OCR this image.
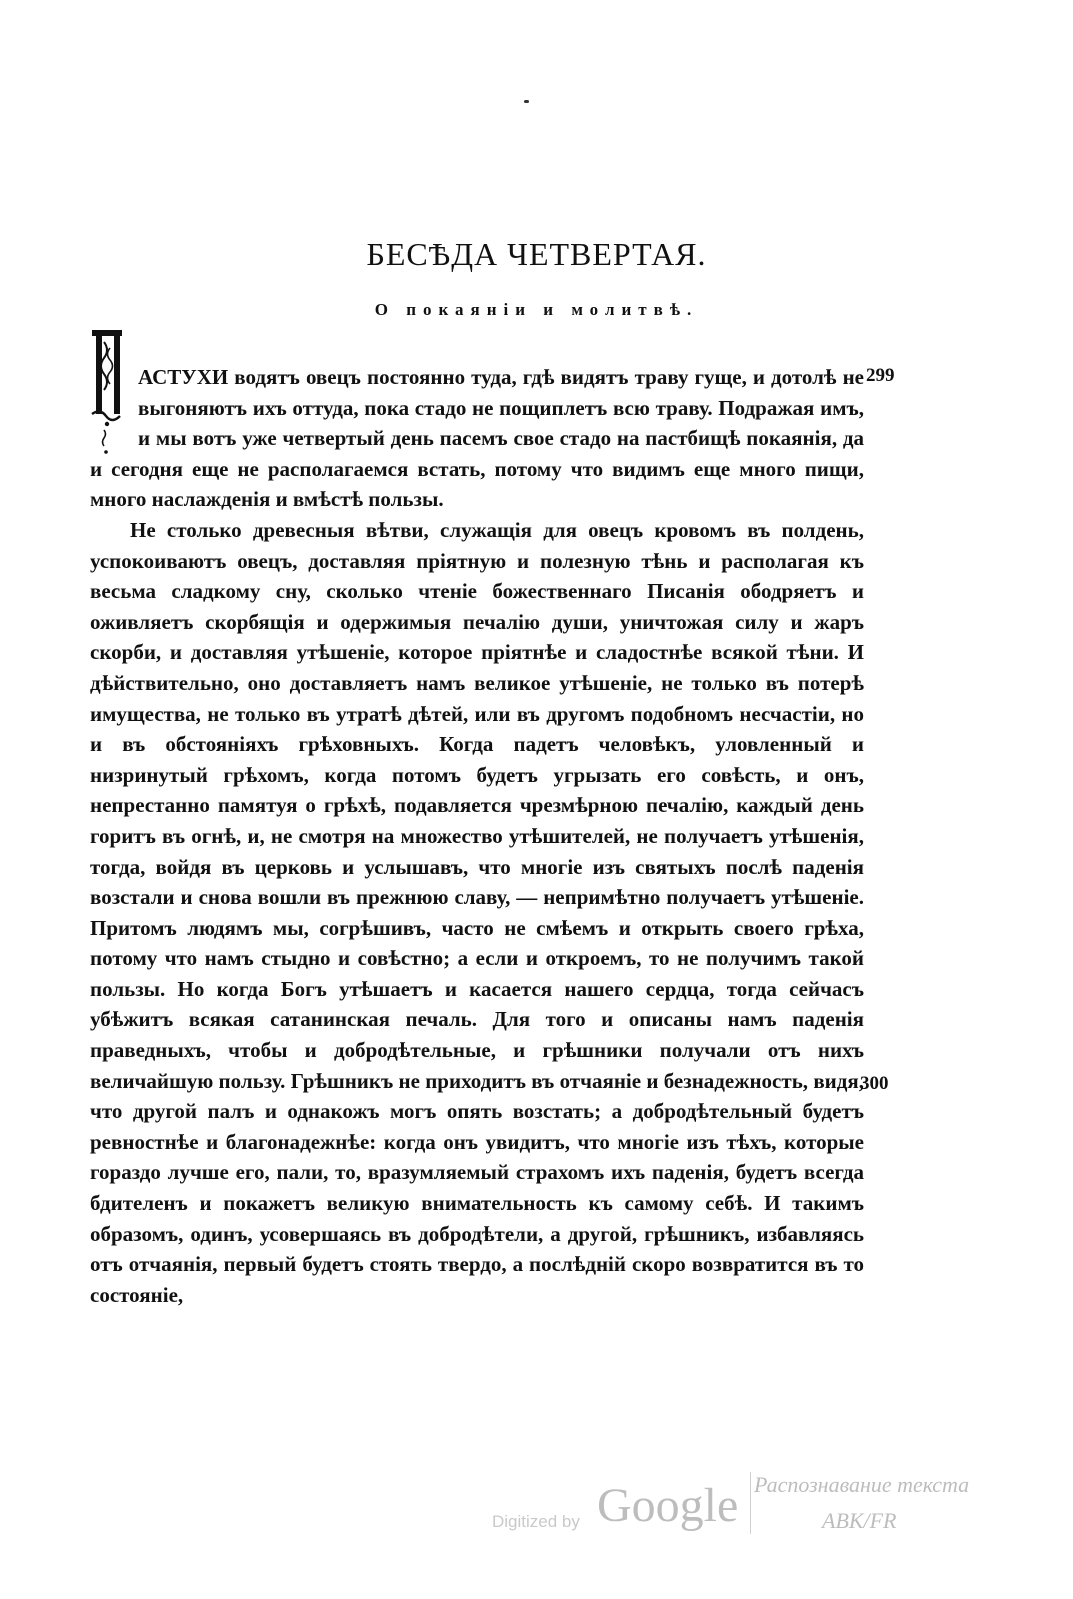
БЕСѢДА ЧЕТВЕРТАЯ.
О покаяніи и молитвѣ.
299
300

АСТУХИ водятъ овецъ постоянно туда, гдѣ видятъ траву гуще, и дотолѣ не выгоняютъ ихъ оттуда, пока стадо не пощиплетъ всю траву. Подражая имъ, и мы вотъ уже четвертый день пасемъ свое стадо на пастбищѣ покаянія, да и сегодня еще не располагаемся встать, потому что видимъ еще много пищи, много наслажденія и вмѣстѣ пользы.

Не столько древесныя вѣтви, служащія для овецъ кровомъ въ полдень, успокоиваютъ овецъ, доставляя пріятную и полезную тѣнь и располагая къ весьма сладкому сну, сколько чтеніе божественнаго Писанія ободряетъ и оживляетъ скорбящія и одержимыя печалію души, уничтожая силу и жаръ скорби, и доставляя утѣшеніе, которое пріятнѣе и сладостнѣе всякой тѣни. И дѣйствительно, оно доставляетъ намъ великое утѣшеніе, не только въ потерѣ имущества, не только въ утратѣ дѣтей, или въ другомъ подобномъ несчастіи, но и въ обстояніяхъ грѣховныхъ. Когда падетъ человѣкъ, уловленный и низринутый грѣхомъ, когда потомъ будетъ угрызать его совѣсть, и онъ, непрестанно памятуя о грѣхѣ, подавляется чрезмѣрною печалію, каждый день горитъ въ огнѣ, и, не смотря на множество утѣшителей, не получаетъ утѣшенія, тогда, войдя въ церковь и услышавъ, что многіе изъ святыхъ послѣ паденія возстали и снова вошли въ прежнюю славу, — непримѣтно получаетъ утѣшеніе. Притомъ людямъ мы, согрѣшивъ, часто не смѣемъ и открыть своего грѣха, потому что намъ стыдно и совѣстно; а если и откроемъ, то не получимъ такой пользы. Но когда Богъ утѣшаетъ и касается нашего сердца, тогда сейчасъ убѣжитъ всякая сатанинская печаль. Для того и описаны намъ паденія праведныхъ, чтобы и добродѣтельные, и грѣшники получали отъ нихъ величайшую пользу. Грѣшникъ не приходитъ въ отчаяніе и безнадежность, видя, что другой палъ и однакожъ могъ опять возстать; а добродѣтельный будетъ ревностнѣе и благонадежнѣе: когда онъ увидитъ, что многіе изъ тѣхъ, которые гораздо лучше его, пали, то, вразумляемый страхомъ ихъ паденія, будетъ всегда бдителенъ и покажетъ великую внимательность къ самому себѣ. И такимъ образомъ, одинъ, усовершаясь въ добродѣтели, а другой, грѣшникъ, избавляясь отъ отчаянія, первый будетъ стоять твердо, а послѣдній скоро возвратится въ то состояніе,

Digitized by Google Распознавание текста
АВК/FR
